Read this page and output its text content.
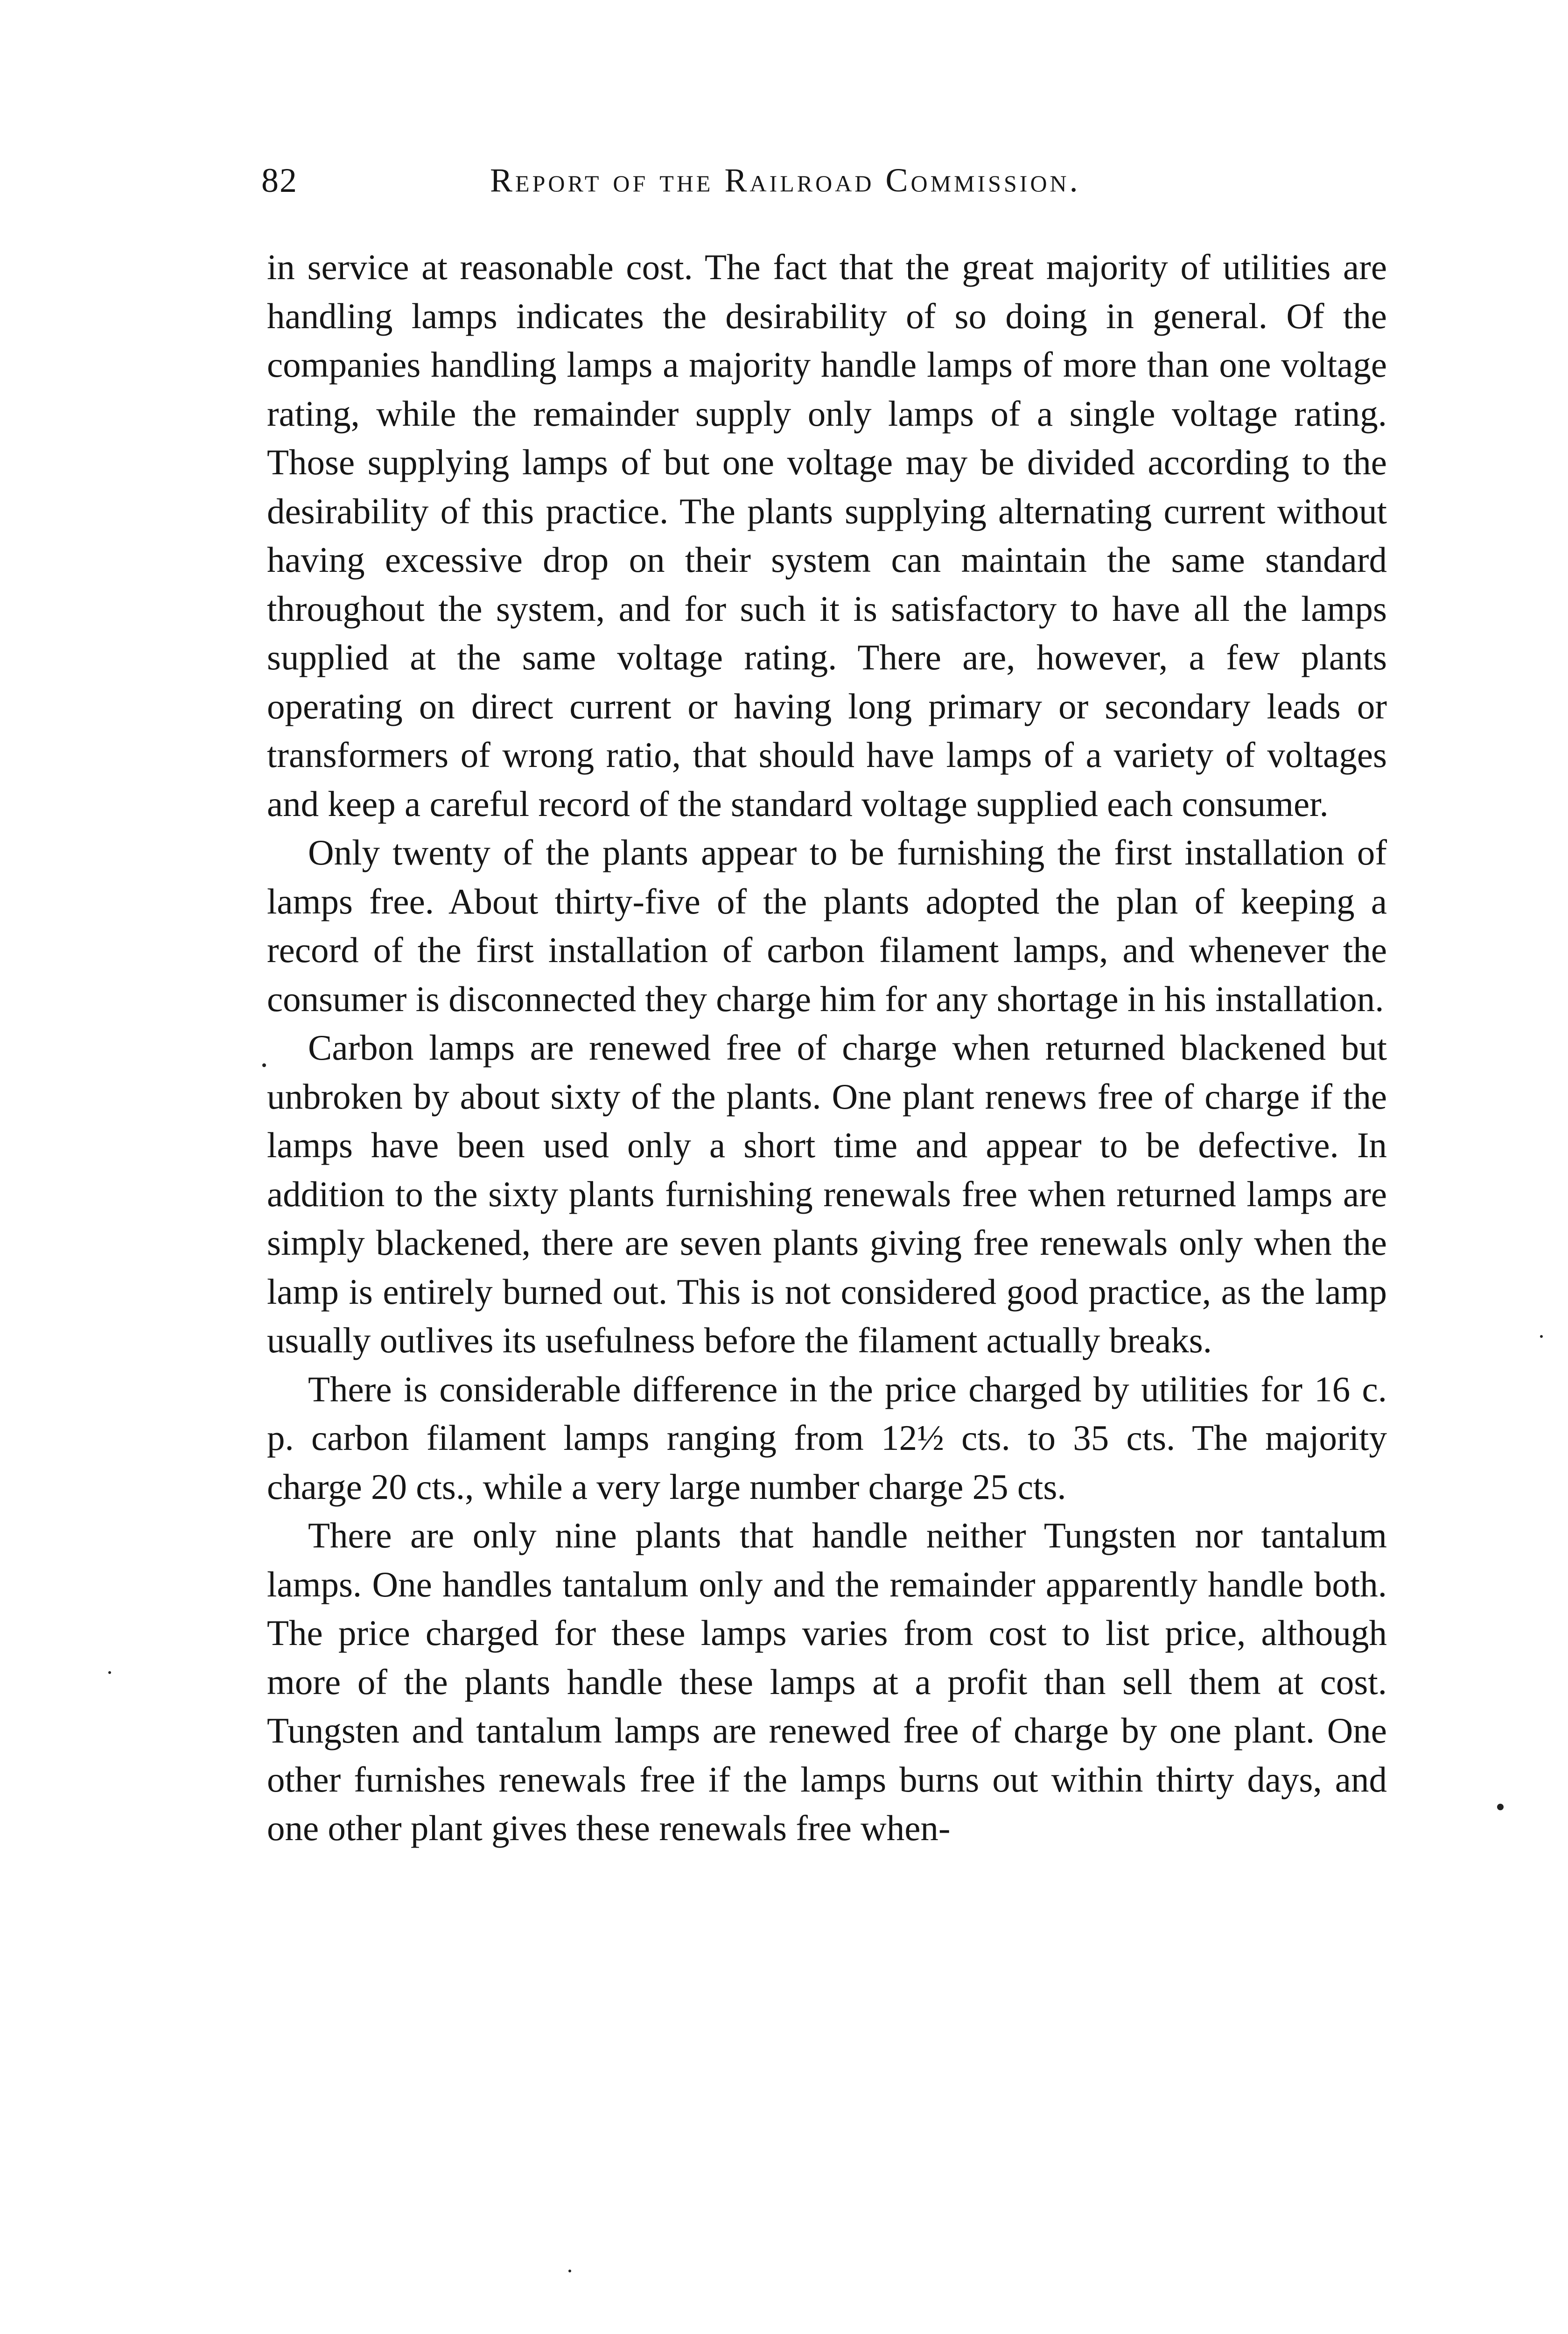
82	Report of the Railroad Commission.

in service at reasonable cost. The fact that the great majority of utilities are handling lamps indicates the desirability of so doing in general. Of the companies handling lamps a majority handle lamps of more than one voltage rating, while the remainder supply only lamps of a single voltage rating. Those supplying lamps of but one voltage may be divided according to the desirability of this practice. The plants supplying alternating current without having excessive drop on their system can maintain the same standard throughout the system, and for such it is satisfactory to have all the lamps supplied at the same voltage rating. There are, however, a few plants operating on direct current or having long primary or secondary leads or transformers of wrong ratio, that should have lamps of a variety of voltages and keep a careful record of the standard voltage supplied each consumer.

Only twenty of the plants appear to be furnishing the first installation of lamps free. About thirty-five of the plants adopted the plan of keeping a record of the first installation of carbon filament lamps, and whenever the consumer is disconnected they charge him for any shortage in his installation.

Carbon lamps are renewed free of charge when returned blackened but unbroken by about sixty of the plants. One plant renews free of charge if the lamps have been used only a short time and appear to be defective. In addition to the sixty plants furnishing renewals free when returned lamps are simply blackened, there are seven plants giving free renewals only when the lamp is entirely burned out. This is not considered good practice, as the lamp usually outlives its usefulness before the filament actually breaks.

There is considerable difference in the price charged by utilities for 16 c. p. carbon filament lamps ranging from 12½ cts. to 35 cts. The majority charge 20 cts., while a very large number charge 25 cts.

There are only nine plants that handle neither Tungsten nor tantalum lamps. One handles tantalum only and the remainder apparently handle both. The price charged for these lamps varies from cost to list price, although more of the plants handle these lamps at a profit than sell them at cost. Tungsten and tantalum lamps are renewed free of charge by one plant. One other furnishes renewals free if the lamps burns out within thirty days, and one other plant gives these renewals free when-
